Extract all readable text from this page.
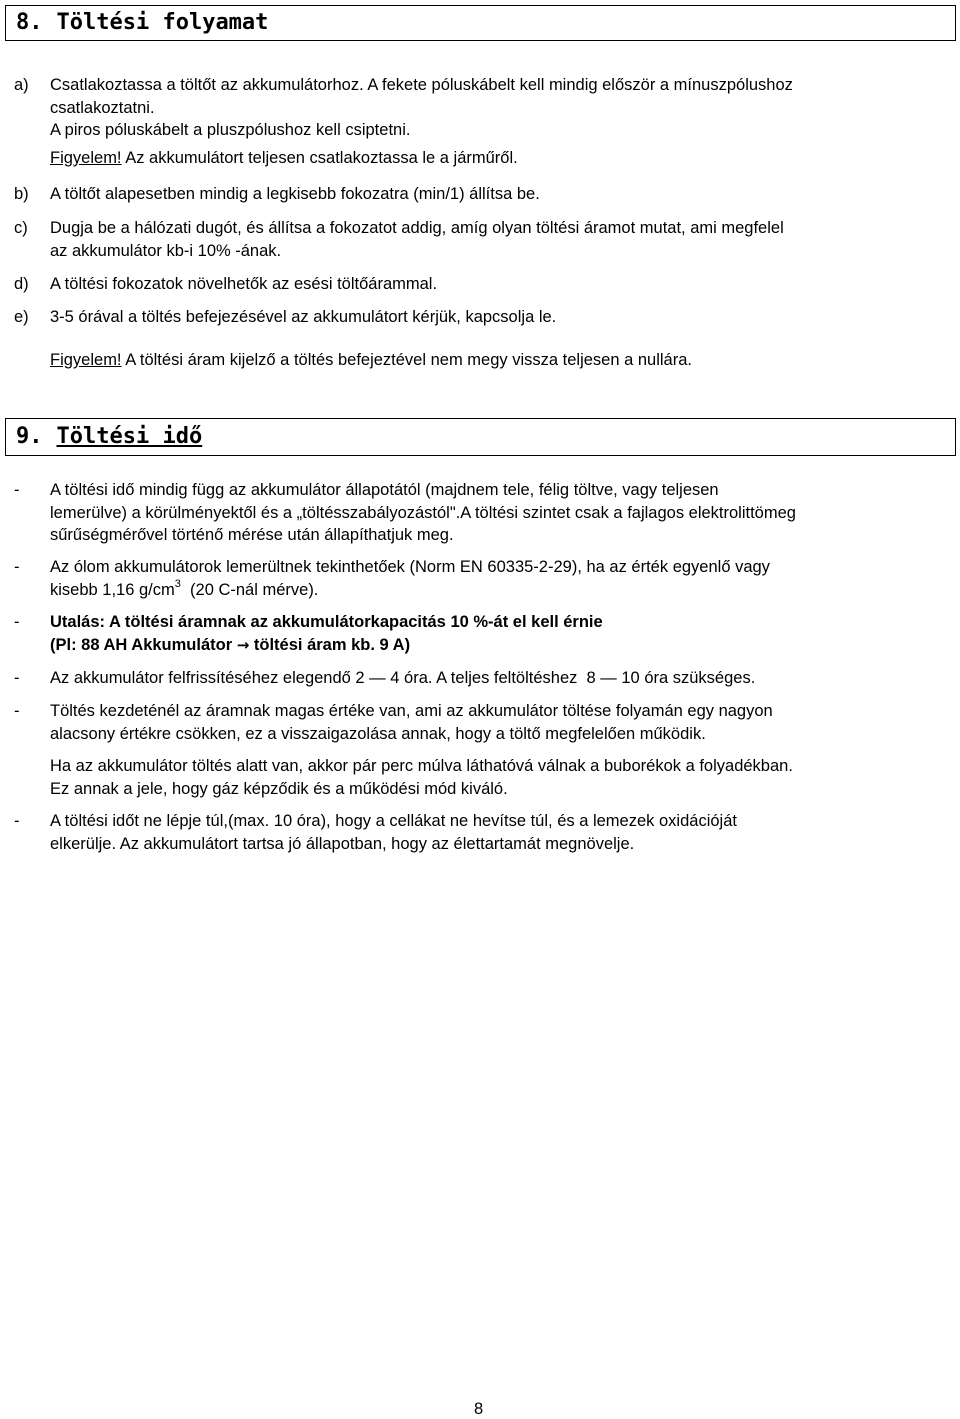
8. Töltési folyamat
a) Csatlakoztassa a töltőt az akkumulátorhoz. A fekete póluskábelt kell mindig először a mínuszpólushoz
csatlakoztatni.
A piros póluskábelt a pluszpólushoz kell csiptetni.
Figyelem! Az akkumulátort teljesen csatlakoztassa le a járműről.
b) A töltőt alapesetben mindig a legkisebb fokozatra (min/1) állítsa be.
c) Dugja be a hálózati dugót, és állítsa a fokozatot addig, amíg olyan töltési áramot mutat, ami megfelel
az akkumulátor kb-i 10% -ának.
d) A töltési fokozatok növelhetők az esési töltőárammal.
e) 3-5 órával a töltés befejezésével az akkumulátort kérjük, kapcsolja le.
Figyelem! A töltési áram kijelző a töltés befejeztével nem megy vissza teljesen a nullára.
9. Töltési idő
- A töltési idő mindig függ az akkumulátor állapotától (majdnem tele, félig töltve, vagy teljesen
lemerülve) a körülményektől és a „töltésszabályozástól".A töltési szintet csak a fajlagos elektrolittömeg
sűrűségmérővel történő mérése után állapíthatjuk meg.
- Az ólom akkumulátorok lemerültnek tekinthetőek (Norm EN 60335-2-29), ha az érték egyenlő vagy
kisebb 1,16 $g/cm^3$  (20 C-nál mérve).
- Utalás: A töltési áramnak az akkumulátorkapacitás 10 %-át el kell érnie
(Pl: 88 AH Akkumulátor → töltési áram kb. 9 A)
- Az akkumulátor felfrissítéséhez elegendő 2 — 4 óra. A teljes feltöltéshez  8 — 10 óra szükséges.
- Töltés kezdeténél az áramnak magas értéke van, ami az akkumulátor töltése folyamán egy nagyon
alacsony értékre csökken, ez a visszaigazolása annak, hogy a töltő megfelelően működik.
Ha az akkumulátor töltés alatt van, akkor pár perc múlva láthatóvá válnak a buborékok a folyadékban.
Ez annak a jele, hogy gáz képződik és a működési mód kiváló.
- A töltési időt ne lépje túl,(max. 10 óra), hogy a cellákat ne hevítse túl, és a lemezek oxidációját
elkerülje. Az akkumulátort tartsa jó állapotban, hogy az élettartamát megnövelje.
8
